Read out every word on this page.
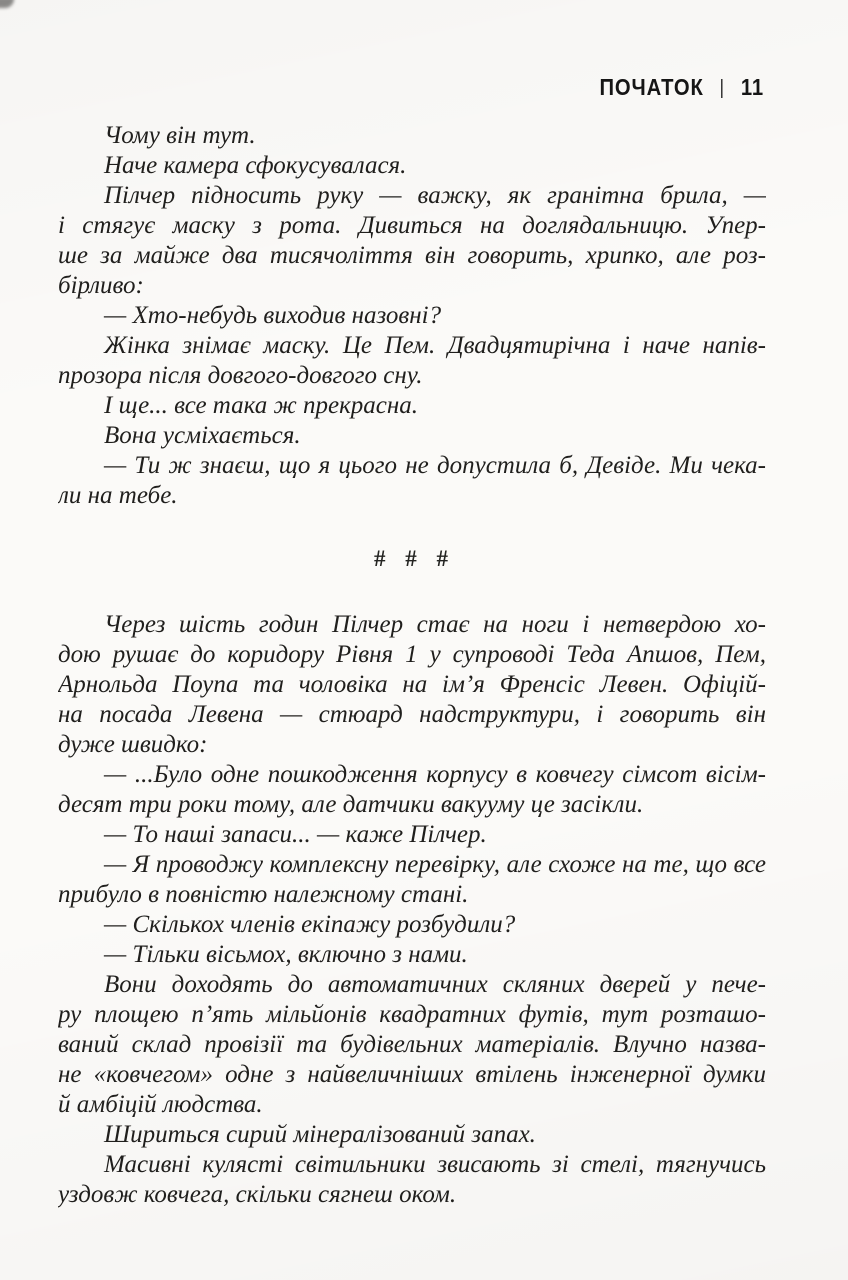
ПОЧАТОК | 11
Чому він тут.
Наче камера сфокусувалася.
Пілчер підносить руку — важку, як гранітна брила, —
і стягує маску з рота. Дивиться на доглядальницю. Упер-
ше за майже два тисячоліття він говорить, хрипко, але роз-
бірливо:
— Хто-небудь виходив назовні?
Жінка знімає маску. Це Пем. Двадцятирічна і наче напів-
прозора після довгого-довгого сну.
І ще... все така ж прекрасна.
Вона усміхається.
— Ти ж знаєш, що я цього не допустила б, Девіде. Ми чека-
ли на тебе.
# # #
Через шість годин Пілчер стає на ноги і нетвердою хо-
дою рушає до коридору Рівня 1 у супроводі Теда Апшов, Пем,
Арнольда Поупа та чоловіка на ім’я Френсіс Левен. Офіцій-
на посада Левена — стюард надструктури, і говорить він
дуже швидко:
— ...Було одне пошкодження корпусу в ковчегу сімсот вісім-
десят три роки тому, але датчики вакууму це засікли.
— То наші запаси... — каже Пілчер.
— Я проводжу комплексну перевірку, але схоже на те, що все
прибуло в повністю належному стані.
— Скількох членів екіпажу розбудили?
— Тільки вісьмох, включно з нами.
Вони доходять до автоматичних скляних дверей у пече-
ру площею п’ять мільйонів квадратних футів, тут розташо-
ваний склад провізії та будівельних матеріалів. Влучно назва-
не «ковчегом» одне з найвеличніших втілень інженерної думки
й амбіцій людства.
Шириться сирий мінералізований запах.
Масивні кулясті світильники звисають зі стелі, тягнучись
уздовж ковчега, скільки сягнеш оком.
